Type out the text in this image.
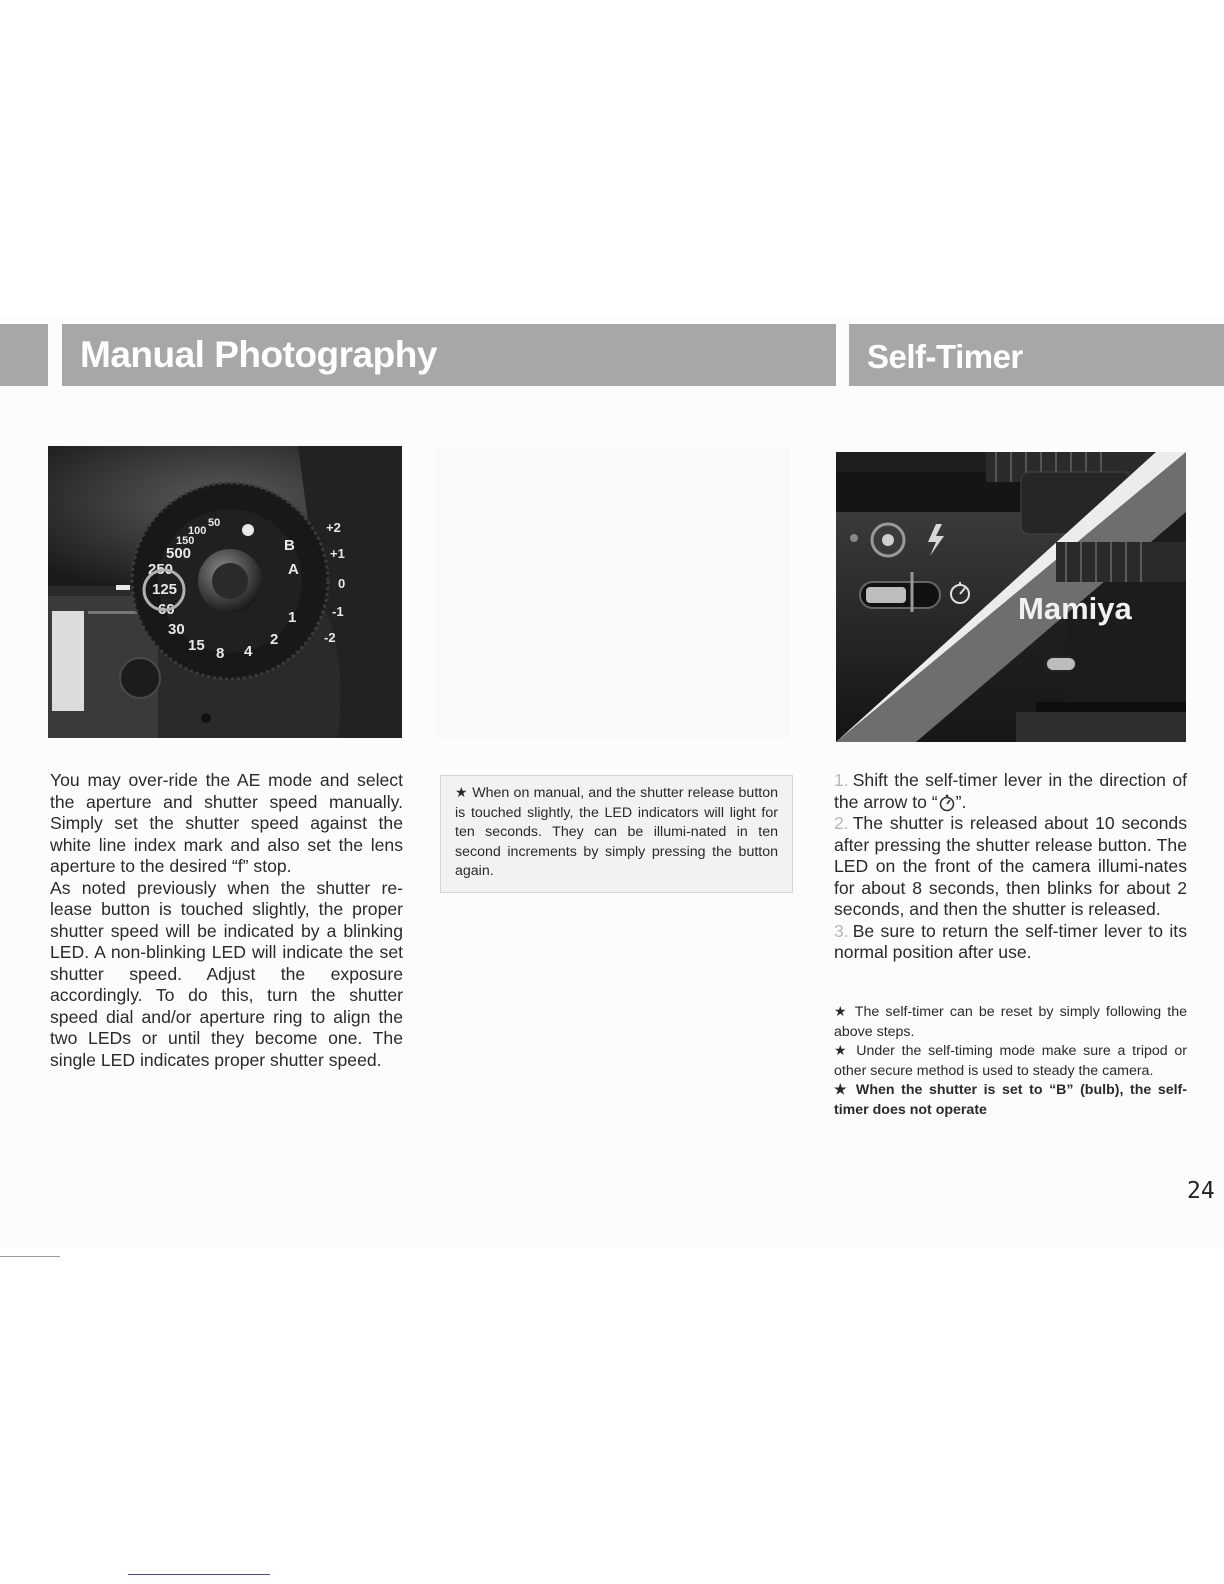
Manual Photography	Self-Timer
500
250
125
60
30
15 8 4
2
1
100
150
50
B
A
+2
+1
0
-1
-2
Mamiya

You may over-ride the AE mode and select the aperture and shutter speed manually. Simply set the shutter speed against the white line index mark and also set the lens aperture to the desired “f” stop.

As noted previously when the shutter re-lease button is touched slightly, the proper shutter speed will be indicated by a blinking LED. A non-blinking LED will indicate the set shutter speed. Adjust the exposure accordingly. To do this, turn the shutter speed dial and/or aperture ring to align the two LEDs or until they become one. The single LED indicates proper shutter speed.

★ When on manual, and the shutter release button is touched slightly, the LED indicators will light for ten seconds. They can be illumi-nated in ten second increments by simply pressing the button again.

1. Shift the self-timer lever in the direction of the arrow to “ ”.

2. The shutter is released about 10 seconds after pressing the shutter release button. The LED on the front of the camera illumi-nates for about 8 seconds, then blinks for about 2 seconds, and then the shutter is released.

3. Be sure to return the self-timer lever to its normal position after use.

★ The self-timer can be reset by simply following the above steps.

★ Under the self-timing mode make sure a tripod or other secure method is used to steady the camera.

★ When the shutter is set to “B” (bulb), the self-timer does not operate

24
